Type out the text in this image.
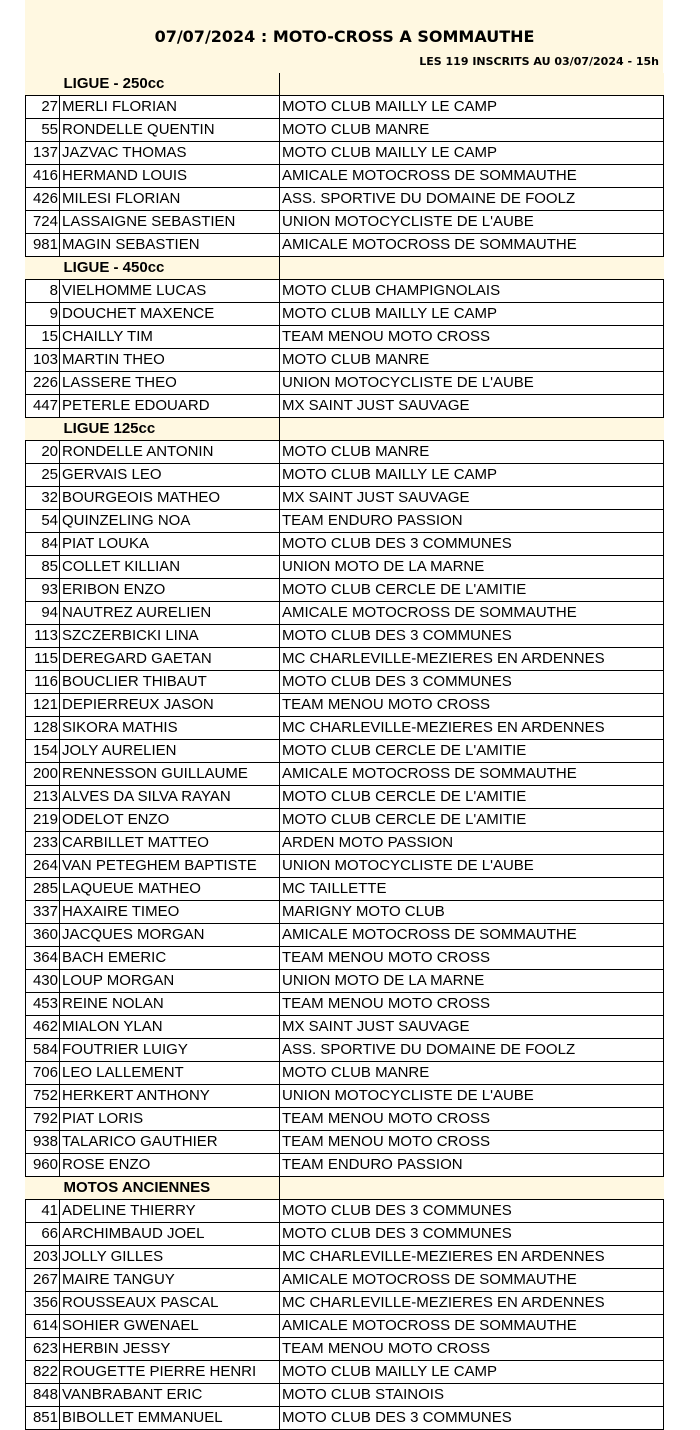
07/07/2024 : MOTO-CROSS A SOMMAUTHE
LES 119 INSCRITS AU 03/07/2024 - 15h
	LIGUE - 250cc	
27	MERLI FLORIAN	MOTO CLUB MAILLY LE CAMP
55	RONDELLE QUENTIN	MOTO CLUB MANRE
137	JAZVAC THOMAS	MOTO CLUB MAILLY LE CAMP
416	HERMAND LOUIS	AMICALE MOTOCROSS DE SOMMAUTHE
426	MILESI FLORIAN	ASS. SPORTIVE DU DOMAINE DE FOOLZ
724	LASSAIGNE SEBASTIEN	UNION MOTOCYCLISTE DE L'AUBE
981	MAGIN SEBASTIEN	AMICALE MOTOCROSS DE SOMMAUTHE
	LIGUE - 450cc	
8	VIELHOMME LUCAS	MOTO CLUB CHAMPIGNOLAIS
9	DOUCHET MAXENCE	MOTO CLUB MAILLY LE CAMP
15	CHAILLY TIM	TEAM MENOU MOTO CROSS
103	MARTIN THEO	MOTO CLUB MANRE
226	LASSERE THEO	UNION MOTOCYCLISTE DE L'AUBE
447	PETERLE EDOUARD	MX SAINT JUST SAUVAGE
	LIGUE 125cc	
20	RONDELLE ANTONIN	MOTO CLUB MANRE
25	GERVAIS LEO	MOTO CLUB MAILLY LE CAMP
32	BOURGEOIS MATHEO	MX SAINT JUST SAUVAGE
54	QUINZELING NOA	TEAM ENDURO PASSION
84	PIAT LOUKA	MOTO CLUB DES 3 COMMUNES
85	COLLET KILLIAN	UNION MOTO DE LA MARNE
93	ERIBON ENZO	MOTO CLUB CERCLE DE L'AMITIE
94	NAUTREZ AURELIEN	AMICALE MOTOCROSS DE SOMMAUTHE
113	SZCZERBICKI LINA	MOTO CLUB DES 3 COMMUNES
115	DEREGARD GAETAN	MC CHARLEVILLE-MEZIERES EN ARDENNES
116	BOUCLIER THIBAUT	MOTO CLUB DES 3 COMMUNES
121	DEPIERREUX JASON	TEAM MENOU MOTO CROSS
128	SIKORA MATHIS	MC CHARLEVILLE-MEZIERES EN ARDENNES
154	JOLY AURELIEN	MOTO CLUB CERCLE DE L'AMITIE
200	RENNESSON GUILLAUME	AMICALE MOTOCROSS DE SOMMAUTHE
213	ALVES DA SILVA RAYAN	MOTO CLUB CERCLE DE L'AMITIE
219	ODELOT ENZO	MOTO CLUB CERCLE DE L'AMITIE
233	CARBILLET MATTEO	ARDEN MOTO PASSION
264	VAN PETEGHEM BAPTISTE	UNION MOTOCYCLISTE DE L'AUBE
285	LAQUEUE MATHEO	MC TAILLETTE
337	HAXAIRE TIMEO	MARIGNY MOTO CLUB
360	JACQUES MORGAN	AMICALE MOTOCROSS DE SOMMAUTHE
364	BACH EMERIC	TEAM MENOU MOTO CROSS
430	LOUP MORGAN	UNION MOTO DE LA MARNE
453	REINE NOLAN	TEAM MENOU MOTO CROSS
462	MIALON YLAN	MX SAINT JUST SAUVAGE
584	FOUTRIER LUIGY	ASS. SPORTIVE DU DOMAINE DE FOOLZ
706	LEO LALLEMENT	MOTO CLUB MANRE
752	HERKERT ANTHONY	UNION MOTOCYCLISTE DE L'AUBE
792	PIAT LORIS	TEAM MENOU MOTO CROSS
938	TALARICO GAUTHIER	TEAM MENOU MOTO CROSS
960	ROSE ENZO	TEAM ENDURO PASSION
	MOTOS ANCIENNES	
41	ADELINE THIERRY	MOTO CLUB DES 3 COMMUNES
66	ARCHIMBAUD JOEL	MOTO CLUB DES 3 COMMUNES
203	JOLLY GILLES	MC CHARLEVILLE-MEZIERES EN ARDENNES
267	MAIRE TANGUY	AMICALE MOTOCROSS DE SOMMAUTHE
356	ROUSSEAUX PASCAL	MC CHARLEVILLE-MEZIERES EN ARDENNES
614	SOHIER GWENAEL	AMICALE MOTOCROSS DE SOMMAUTHE
623	HERBIN JESSY	TEAM MENOU MOTO CROSS
822	ROUGETTE PIERRE HENRI	MOTO CLUB MAILLY LE CAMP
848	VANBRABANT ERIC	MOTO CLUB STAINOIS
851	BIBOLLET EMMANUEL	MOTO CLUB DES 3 COMMUNES
